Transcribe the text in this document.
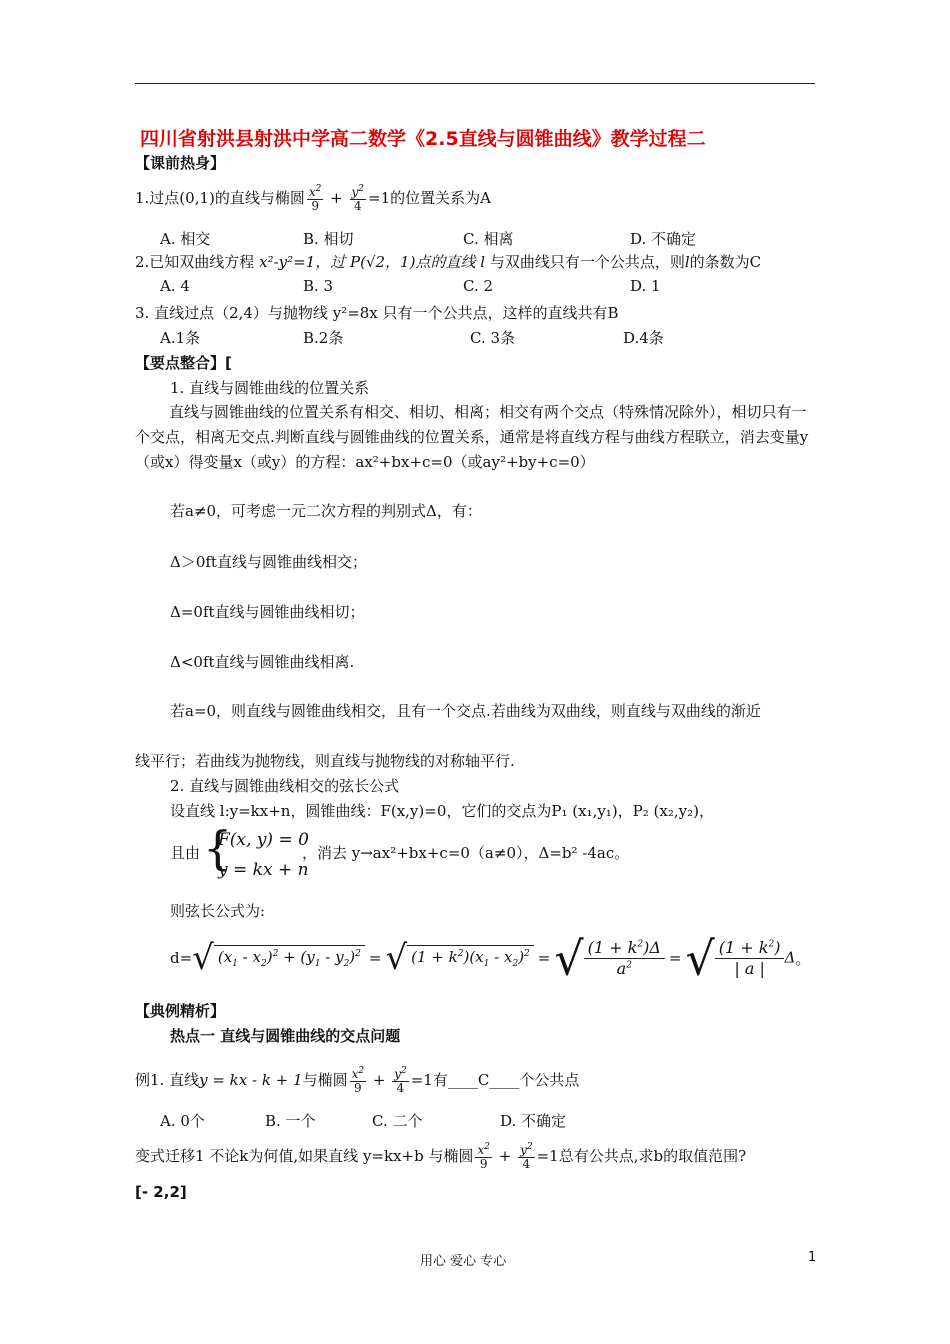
四川省射洪县射洪中学高二数学《2.5直线与圆锥曲线》教学过程二
【课前热身】
1.过点(0,1)的直线与椭圆 $\frac{x^2}{9} + \frac{y^2}{4} =1$的位置关系为A
A. 相交	B. 相切	C. 相离	D. 不确定
2.已知双曲线方程 x²-y²=1，过 P(√2，1)点的直线 l 与双曲线只有一个公共点，则l的条数为C
A. 4	B. 3	C. 2	D. 1
3. 直线过点（2,4）与抛物线 y²=8x 只有一个公共点，这样的直线共有B
A.1条	B.2条	C. 3条	D.4条
【要点整合】[
1. 直线与圆锥曲线的位置关系
直线与圆锥曲线的位置关系有相交、相切、相离；相交有两个交点（特殊情况除外），相切只有一个交点，相离无交点.判断直线与圆锥曲线的位置关系，通常是将直线方程与曲线方程联立，消去变量y（或x）得变量x（或y）的方程：ax²+bx+c=0（或ay²+by+c=0）
若a≠0，可考虑一元二次方程的判别式Δ，有：
Δ＞0ft直线与圆锥曲线相交；
Δ=0ft直线与圆锥曲线相切；
Δ<0ft直线与圆锥曲线相离.
若a=0，则直线与圆锥曲线相交，且有一个交点.若曲线为双曲线，则直线与双曲线的渐近
线平行；若曲线为抛物线，则直线与抛物线的对称轴平行.
2. 直线与圆锥曲线相交的弦长公式
设直线 l:y=kx+n，圆锥曲线：F(x,y)=0，它们的交点为P₁ (x₁,y₁)，P₂ (x₂,y₂)，
且由 {
F(x, y) = 0
y = kx + n
，消去 y→ax²+bx+c=0（a≠0），Δ=b² -4ac。
则弦长公式为:
d= √ $(x_1 - x_2)^2 + (y_1 - y_2)^2$ = √ $(1 + k^2)(x_1 - x_2)^2$ = √ $\frac{(1 + k^2)\Delta}{a^2}$ = √ $\frac{(1 + k^2)}{| a |}$ Δ 。
【典例精析】
热点一 直线与圆锥曲线的交点问题
例1. 直线y = kx - k + 1与椭圆 $\frac{x^2}{9} + \frac{y^2}{4} =1$有____C____个公共点
A. 0个	B. 一个	C. 二个	D. 不确定
变式迁移1 不论k为何值,如果直线 y=kx+b 与椭圆 $\frac{x^2}{9} + \frac{y^2}{4} =1$总有公共点,求b的取值范围?
[- 2,2]
用心 爱心 专心	1
